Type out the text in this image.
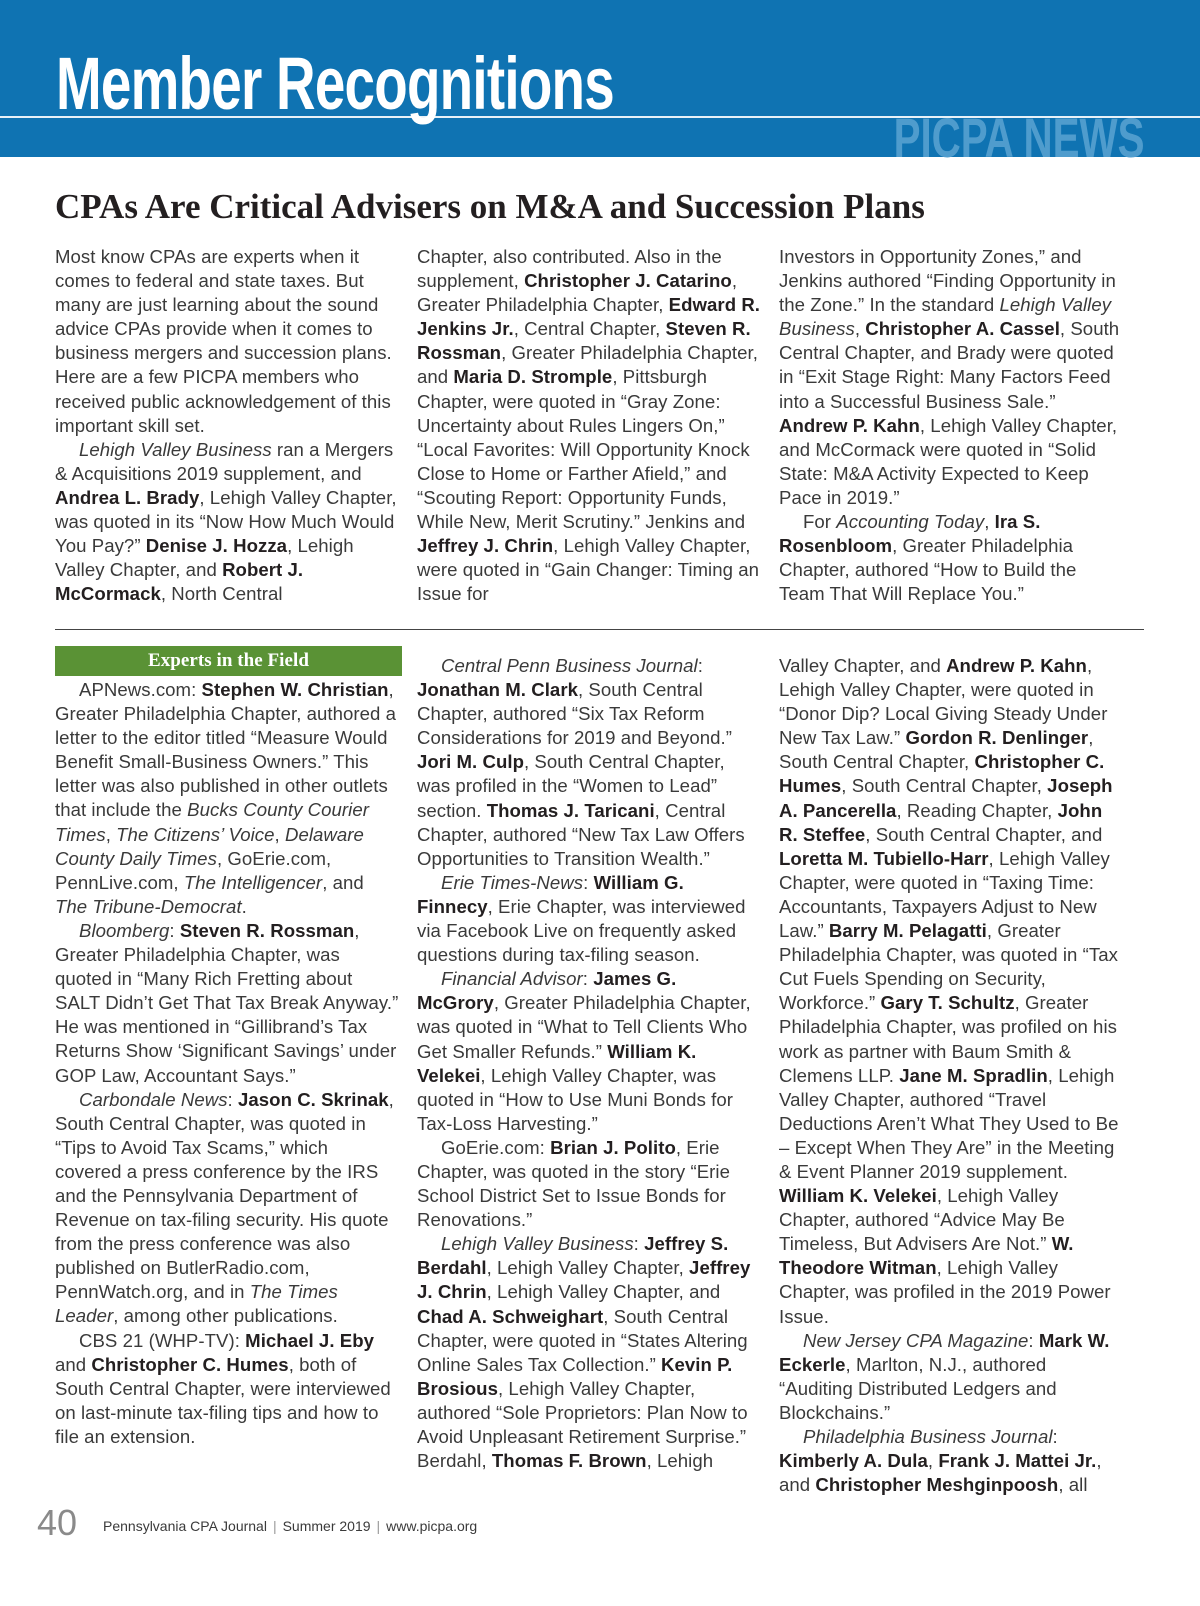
Member Recognitions
PICPA NEWS
CPAs Are Critical Advisers on M&A and Succession Plans

Most know CPAs are experts when it comes to federal and state taxes. But many are just learning about the sound advice CPAs provide when it comes to business mergers and succession plans. Here are a few PICPA members who received public acknowledgement of this important skill set.

Lehigh Valley Business ran a Mergers & Acquisitions 2019 supplement, and Andrea L. Brady, Lehigh Valley Chapter, was quoted in its “Now How Much Would You Pay?” Denise J. Hozza, Lehigh Valley Chapter, and Robert J. McCormack, North Central

Chapter, also contributed. Also in the supplement, Christopher J. Catarino, Greater Philadelphia Chapter, Edward R. Jenkins Jr., Central Chapter, Steven R. Rossman, Greater Philadelphia Chapter, and Maria D. Stromple, Pittsburgh Chapter, were quoted in “Gray Zone: Uncertainty about Rules Lingers On,” “Local Favorites: Will Opportunity Knock Close to Home or Farther Afield,” and “Scouting Report: Opportunity Funds, While New, Merit Scrutiny.” Jenkins and Jeffrey J. Chrin, Lehigh Valley Chapter, were quoted in “Gain Changer: Timing an Issue for

Investors in Opportunity Zones,” and Jenkins authored “Finding Opportunity in the Zone.” In the standard Lehigh Valley Business, Christopher A. Cassel, South Central Chapter, and Brady were quoted in “Exit Stage Right: Many Factors Feed into a Successful Business Sale.” Andrew P. Kahn, Lehigh Valley Chapter, and McCormack were quoted in “Solid State: M&A Activity Expected to Keep Pace in 2019.”

For Accounting Today, Ira S. Rosenbloom, Greater Philadelphia Chapter, authored “How to Build the Team That Will Replace You.”

Experts in the Field

APNews.com: Stephen W. Christian, Greater Philadelphia Chapter, authored a letter to the editor titled “Measure Would Benefit Small-Business Owners.” This letter was also published in other outlets that include the Bucks County Courier Times, The Citizens’ Voice, Delaware County Daily Times, GoErie.com, PennLive.com, The Intelligencer, and The Tribune-Democrat.

Bloomberg: Steven R. Rossman, Greater Philadelphia Chapter, was quoted in “Many Rich Fretting about SALT Didn’t Get That Tax Break Anyway.” He was mentioned in “Gillibrand’s Tax Returns Show ‘Significant Savings’ under GOP Law, Accountant Says.”

Carbondale News: Jason C. Skrinak, South Central Chapter, was quoted in “Tips to Avoid Tax Scams,” which covered a press conference by the IRS and the Pennsylvania Department of Revenue on tax-filing security. His quote from the press conference was also published on ButlerRadio.com, PennWatch.org, and in The Times Leader, among other publications.

CBS 21 (WHP-TV): Michael J. Eby and Christopher C. Humes, both of South Central Chapter, were interviewed on last-minute tax-filing tips and how to file an extension.

Central Penn Business Journal: Jonathan M. Clark, South Central Chapter, authored “Six Tax Reform Considerations for 2019 and Beyond.” Jori M. Culp, South Central Chapter, was profiled in the “Women to Lead” section. Thomas J. Taricani, Central Chapter, authored “New Tax Law Offers Opportunities to Transition Wealth.”

Erie Times-News: William G. Finnecy, Erie Chapter, was interviewed via Facebook Live on frequently asked questions during tax-filing season.

Financial Advisor: James G. McGrory, Greater Philadelphia Chapter, was quoted in “What to Tell Clients Who Get Smaller Refunds.” William K. Velekei, Lehigh Valley Chapter, was quoted in “How to Use Muni Bonds for Tax-Loss Harvesting.”

GoErie.com: Brian J. Polito, Erie Chapter, was quoted in the story “Erie School District Set to Issue Bonds for Renovations.”

Lehigh Valley Business: Jeffrey S. Berdahl, Lehigh Valley Chapter, Jeffrey J. Chrin, Lehigh Valley Chapter, and Chad A. Schweighart, South Central Chapter, were quoted in “States Altering Online Sales Tax Collection.” Kevin P. Brosious, Lehigh Valley Chapter, authored “Sole Proprietors: Plan Now to Avoid Unpleasant Retirement Surprise.” Berdahl, Thomas F. Brown, Lehigh

Valley Chapter, and Andrew P. Kahn, Lehigh Valley Chapter, were quoted in “Donor Dip? Local Giving Steady Under New Tax Law.” Gordon R. Denlinger, South Central Chapter, Christopher C. Humes, South Central Chapter, Joseph A. Pancerella, Reading Chapter, John R. Steffee, South Central Chapter, and Loretta M. Tubiello-Harr, Lehigh Valley Chapter, were quoted in “Taxing Time: Accountants, Taxpayers Adjust to New Law.” Barry M. Pelagatti, Greater Philadelphia Chapter, was quoted in “Tax Cut Fuels Spending on Security, Workforce.” Gary T. Schultz, Greater Philadelphia Chapter, was profiled on his work as partner with Baum Smith & Clemens LLP. Jane M. Spradlin, Lehigh Valley Chapter, authored “Travel Deductions Aren’t What They Used to Be – Except When They Are” in the Meeting & Event Planner 2019 supplement. William K. Velekei, Lehigh Valley Chapter, authored “Advice May Be Timeless, But Advisers Are Not.” W. Theodore Witman, Lehigh Valley Chapter, was profiled in the 2019 Power Issue.

New Jersey CPA Magazine: Mark W. Eckerle, Marlton, N.J., authored “Auditing Distributed Ledgers and Blockchains.”

Philadelphia Business Journal: Kimberly A. Dula, Frank J. Mattei Jr., and Christopher Meshginpoosh, all

40 Pennsylvania CPA Journal | Summer 2019 | www.picpa.org
